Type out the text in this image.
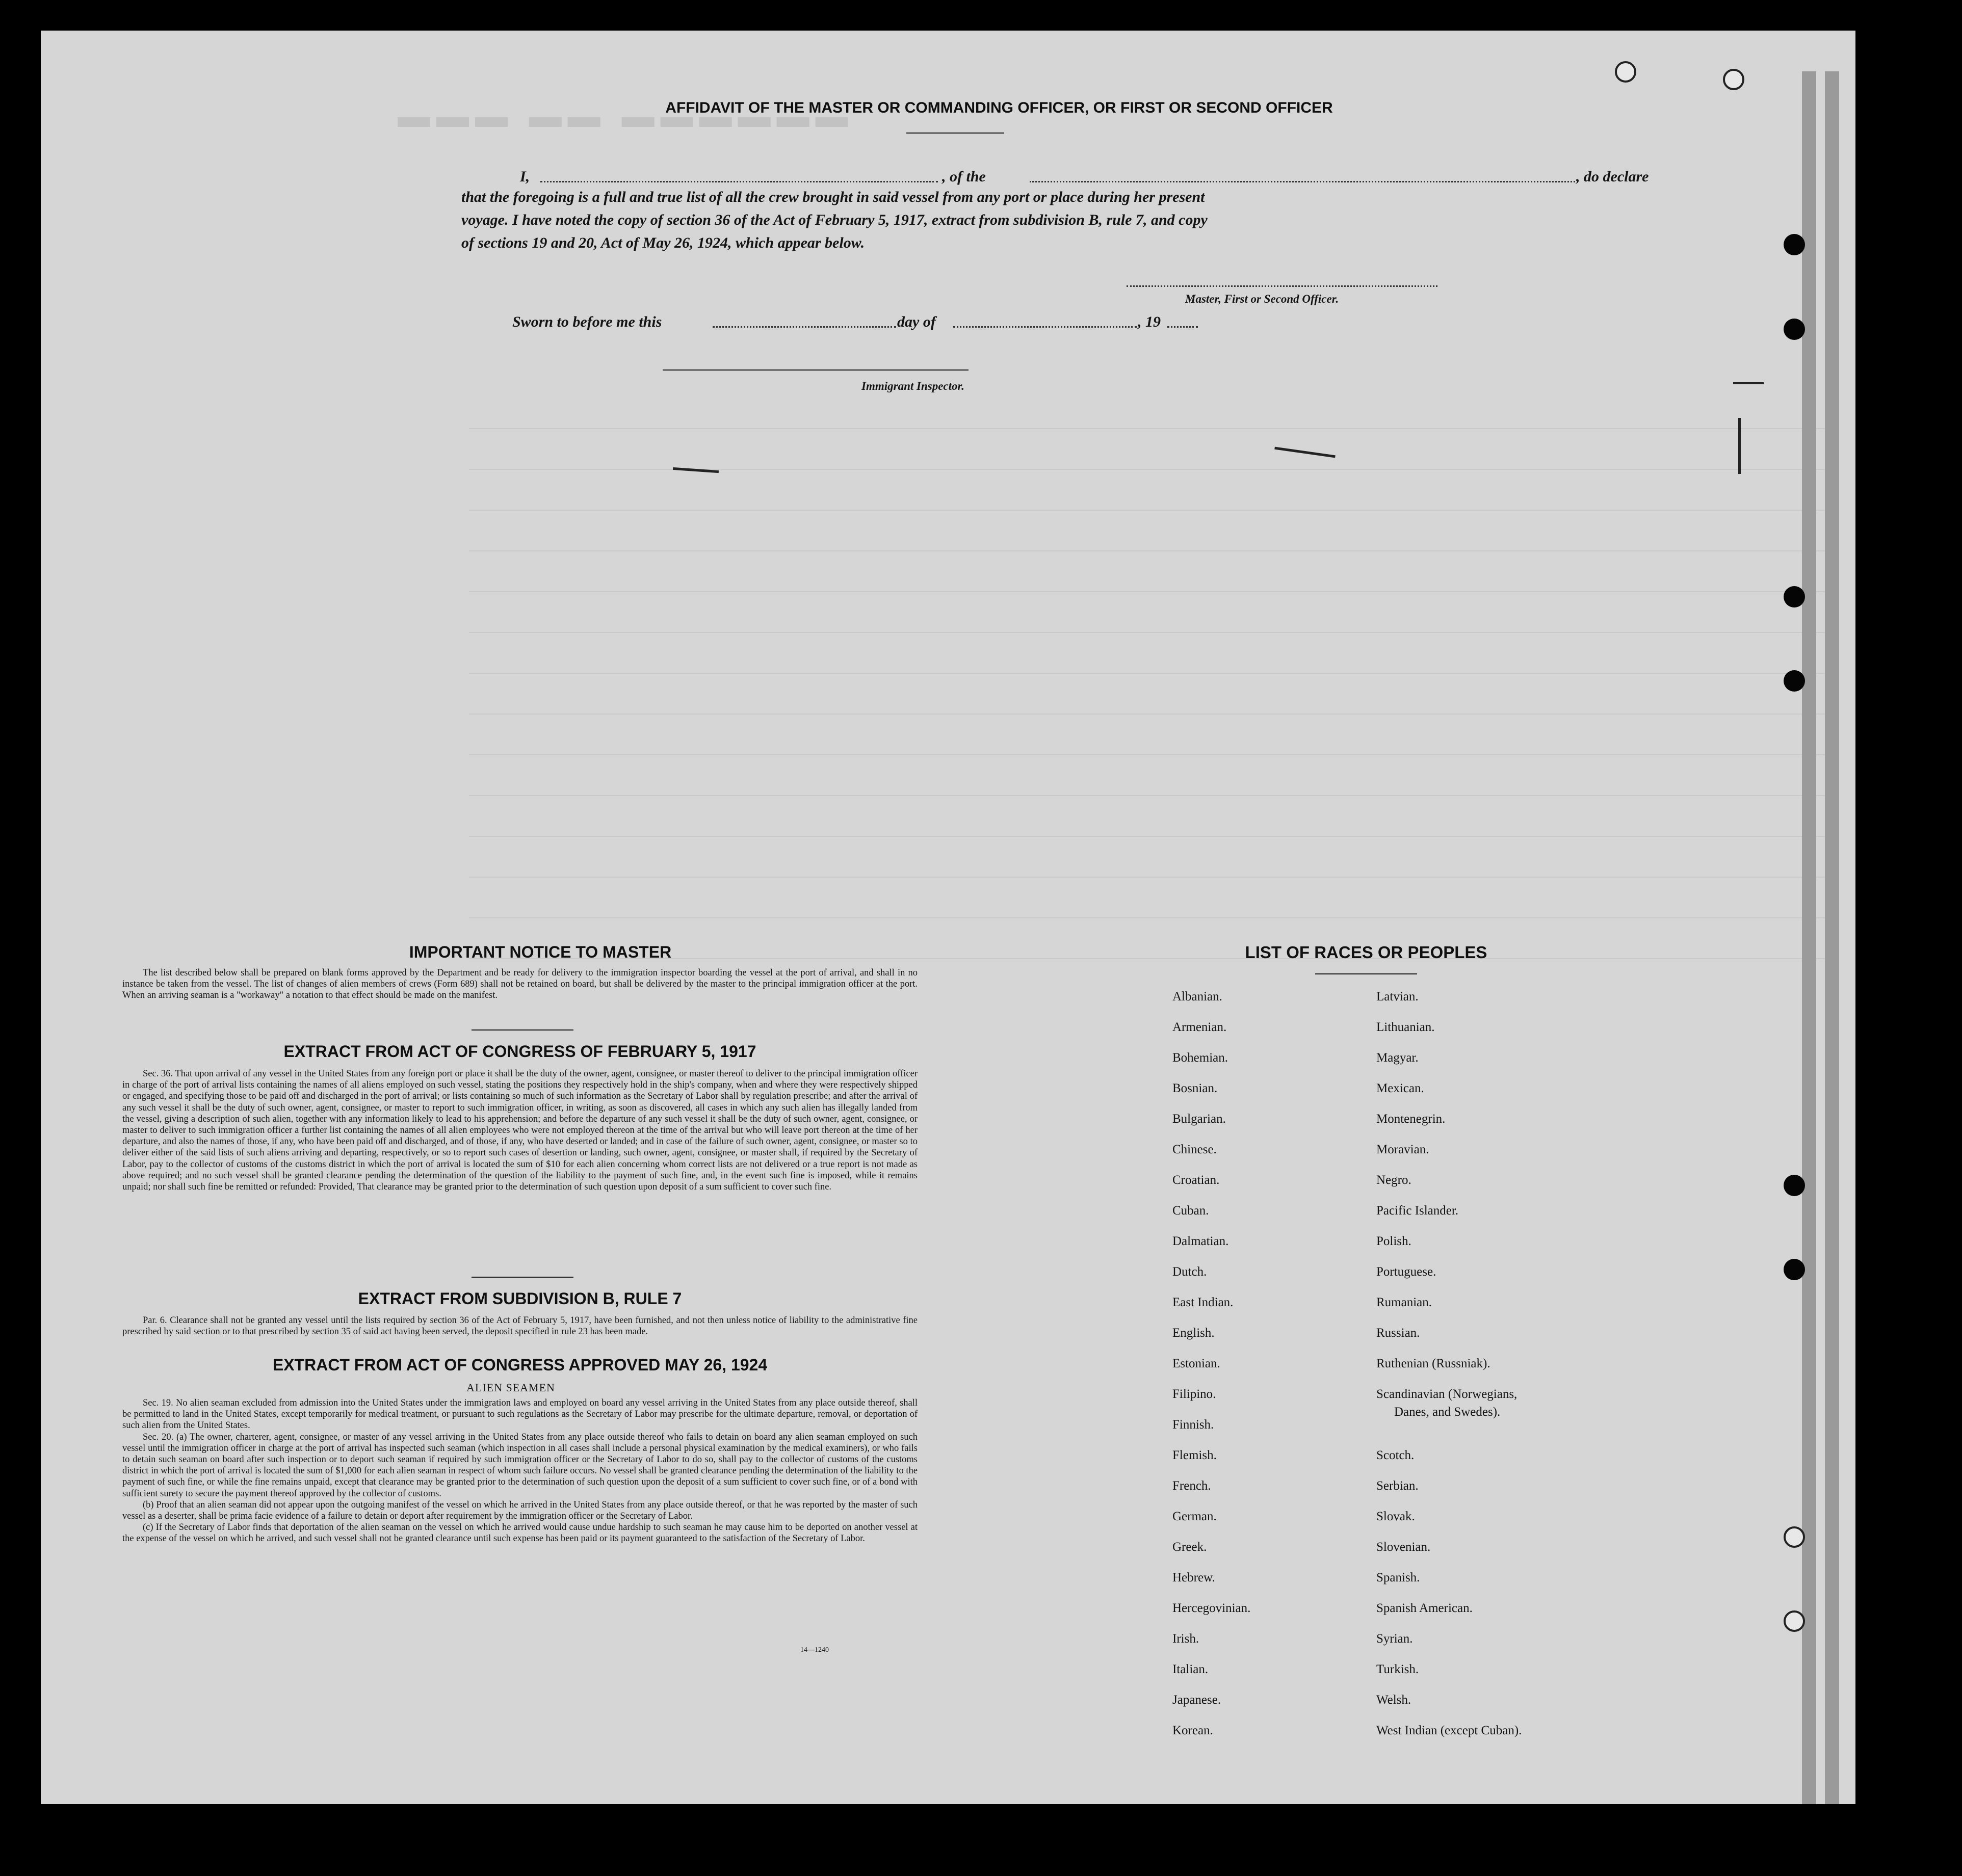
▬▬▬ ▬▬ ▬▬▬▬▬▬
AFFIDAVIT OF THE MASTER OR COMMANDING OFFICER, OR FIRST OR SECOND OFFICER
I,	, of the	, do declare
that the foregoing is a full and true list of all the crew brought in said vessel from any port or place during her present
voyage. I have noted the copy of section 36 of the Act of February 5, 1917, extract from subdivision B, rule 7, and copy
of sections 19 and 20, Act of May 26, 1924, which appear below.
Master, First or Second Officer.
Sworn to before me this	day of	, 19
Immigrant Inspector.
IMPORTANT NOTICE TO MASTER

The list described below shall be prepared on blank forms approved by the Department and be ready for delivery to the immigration inspector boarding the vessel at the port of arrival, and shall in no instance be taken from the vessel. The list of changes of alien members of crews (Form 689) shall not be retained on board, but shall be delivered by the master to the principal immigration officer at the port. When an arriving seaman is a "workaway" a notation to that effect should be made on the manifest.

EXTRACT FROM ACT OF CONGRESS OF FEBRUARY 5, 1917

Sec. 36. That upon arrival of any vessel in the United States from any foreign port or place it shall be the duty of the owner, agent, consignee, or master thereof to deliver to the principal immigration officer in charge of the port of arrival lists containing the names of all aliens employed on such vessel, stating the positions they respectively hold in the ship's company, when and where they were respectively shipped or engaged, and specifying those to be paid off and discharged in the port of arrival; or lists containing so much of such information as the Secretary of Labor shall by regulation prescribe; and after the arrival of any such vessel it shall be the duty of such owner, agent, consignee, or master to report to such immigration officer, in writing, as soon as discovered, all cases in which any such alien has illegally landed from the vessel, giving a description of such alien, together with any information likely to lead to his apprehension; and before the departure of any such vessel it shall be the duty of such owner, agent, consignee, or master to deliver to such immigration officer a further list containing the names of all alien employees who were not employed thereon at the time of the arrival but who will leave port thereon at the time of her departure, and also the names of those, if any, who have been paid off and discharged, and of those, if any, who have deserted or landed; and in case of the failure of such owner, agent, consignee, or master so to deliver either of the said lists of such aliens arriving and departing, respectively, or so to report such cases of desertion or landing, such owner, agent, consignee, or master shall, if required by the Secretary of Labor, pay to the collector of customs of the customs district in which the port of arrival is located the sum of $10 for each alien concerning whom correct lists are not delivered or a true report is not made as above required; and no such vessel shall be granted clearance pending the determination of the question of the liability to the payment of such fine, and, in the event such fine is imposed, while it remains unpaid; nor shall such fine be remitted or refunded: Provided, That clearance may be granted prior to the determination of such question upon deposit of a sum sufficient to cover such fine.

EXTRACT FROM SUBDIVISION B, RULE 7

Par. 6. Clearance shall not be granted any vessel until the lists required by section 36 of the Act of February 5, 1917, have been furnished, and not then unless notice of liability to the administrative fine prescribed by said section or to that prescribed by section 35 of said act having been served, the deposit specified in rule 23 has been made.

EXTRACT FROM ACT OF CONGRESS APPROVED MAY 26, 1924
ALIEN SEAMEN

Sec. 19. No alien seaman excluded from admission into the United States under the immigration laws and employed on board any vessel arriving in the United States from any place outside thereof, shall be permitted to land in the United States, except temporarily for medical treatment, or pursuant to such regulations as the Secretary of Labor may prescribe for the ultimate departure, removal, or deportation of such alien from the United States.

Sec. 20. (a) The owner, charterer, agent, consignee, or master of any vessel arriving in the United States from any place outside thereof who fails to detain on board any alien seaman employed on such vessel until the immigration officer in charge at the port of arrival has inspected such seaman (which inspection in all cases shall include a personal physical examination by the medical examiners), or who fails to detain such seaman on board after such inspection or to deport such seaman if required by such immigration officer or the Secretary of Labor to do so, shall pay to the collector of customs of the customs district in which the port of arrival is located the sum of $1,000 for each alien seaman in respect of whom such failure occurs. No vessel shall be granted clearance pending the determination of the liability to the payment of such fine, or while the fine remains unpaid, except that clearance may be granted prior to the determination of such question upon the deposit of a sum sufficient to cover such fine, or of a bond with sufficient surety to secure the payment thereof approved by the collector of customs.

(b) Proof that an alien seaman did not appear upon the outgoing manifest of the vessel on which he arrived in the United States from any place outside thereof, or that he was reported by the master of such vessel as a deserter, shall be prima facie evidence of a failure to detain or deport after requirement by the immigration officer or the Secretary of Labor.

(c) If the Secretary of Labor finds that deportation of the alien seaman on the vessel on which he arrived would cause undue hardship to such seaman he may cause him to be deported on another vessel at the expense of the vessel on which he arrived, and such vessel shall not be granted clearance until such expense has been paid or its payment guaranteed to the satisfaction of the Secretary of Labor.

14—1240
LIST OF RACES OR PEOPLES
Albanian.
Armenian.
Bohemian.
Bosnian.
Bulgarian.
Chinese.
Croatian.
Cuban.
Dalmatian.
Dutch.
East Indian.
English.
Estonian.
Filipino.
Finnish.
Flemish.
French.
German.
Greek.
Hebrew.
Hercegovinian.
Irish.
Italian.
Japanese.
Korean.
Latvian.
Lithuanian.
Magyar.
Mexican.
Montenegrin.
Moravian.
Negro.
Pacific Islander.
Polish.
Portuguese.
Rumanian.
Russian.
Ruthenian (Russniak).
Scandinavian (Norwegians,
Danes, and Swedes).
Scotch.
Serbian.
Slovak.
Slovenian.
Spanish.
Spanish American.
Syrian.
Turkish.
Welsh.
West Indian (except Cuban).
